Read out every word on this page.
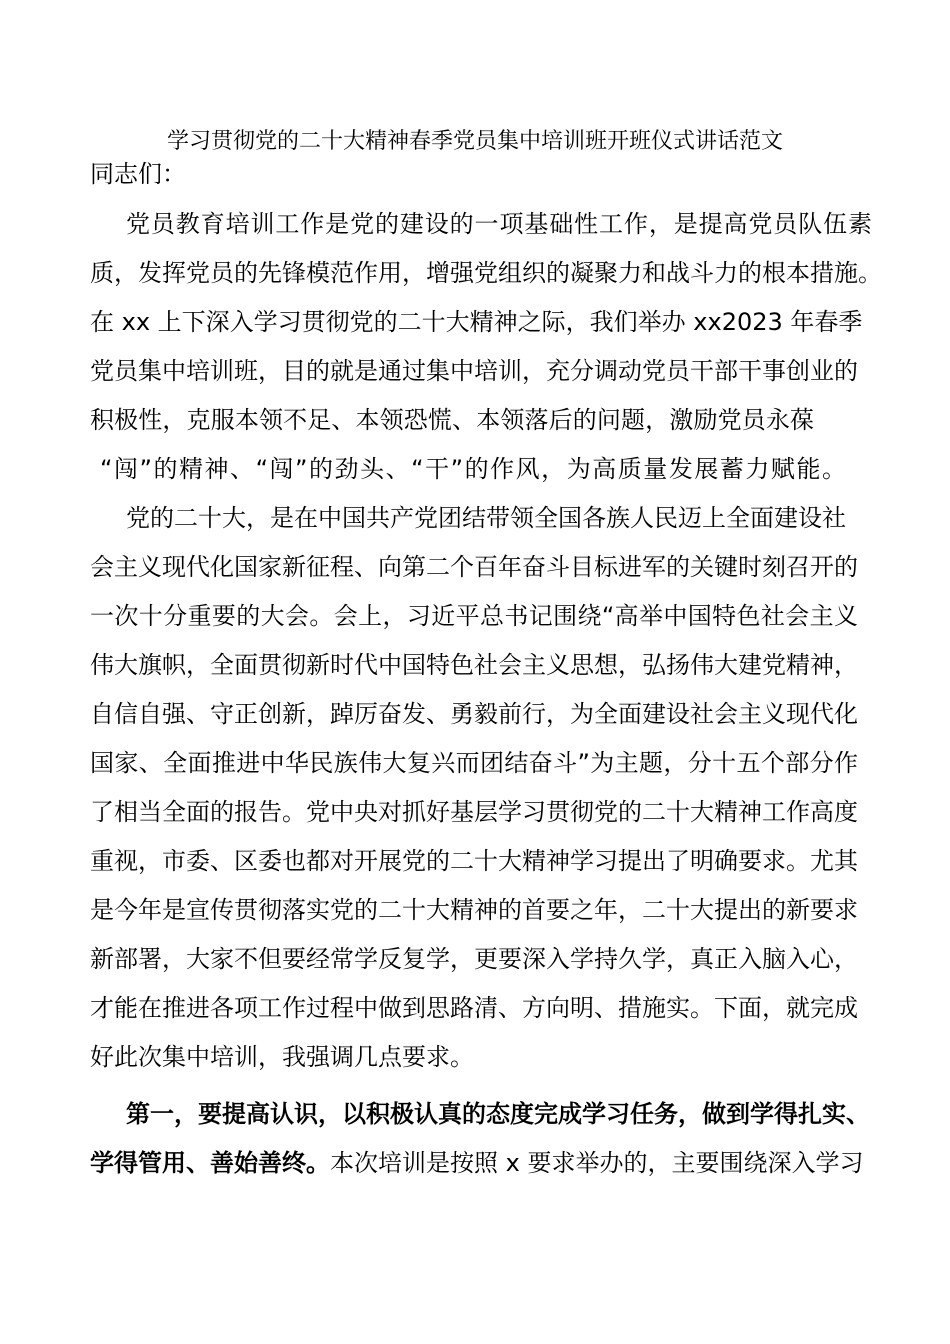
学习贯彻党的二十大精神春季党员集中培训班开班仪式讲话范文
同志们：
党员教育培训工作是党的建设的一项基础性工作，是提高党员队伍素
质，发挥党员的先锋模范作用，增强党组织的凝聚力和战斗力的根本措施。
在 xx 上下深入学习贯彻党的二十大精神之际，我们举办 xx2023 年春季
党员集中培训班，目的就是通过集中培训，充分调动党员干部干事创业的
积极性，克服本领不足、本领恐慌、本领落后的问题，激励党员永葆
“闯”的精神、“闯”的劲头、“干”的作风，为高质量发展蓄力赋能。
党的二十大，是在中国共产党团结带领全国各族人民迈上全面建设社
会主义现代化国家新征程、向第二个百年奋斗目标进军的关键时刻召开的
一次十分重要的大会。会上，习近平总书记围绕“高举中国特色社会主义
伟大旗帜，全面贯彻新时代中国特色社会主义思想，弘扬伟大建党精神，
自信自强、守正创新，踔厉奋发、勇毅前行，为全面建设社会主义现代化
国家、全面推进中华民族伟大复兴而团结奋斗”为主题，分十五个部分作
了相当全面的报告。党中央对抓好基层学习贯彻党的二十大精神工作高度
重视，市委、区委也都对开展党的二十大精神学习提出了明确要求。尤其
是今年是宣传贯彻落实党的二十大精神的首要之年，二十大提出的新要求
新部署，大家不但要经常学反复学，更要深入学持久学，真正入脑入心，
才能在推进各项工作过程中做到思路清、方向明、措施实。下面，就完成
好此次集中培训，我强调几点要求。
第一，要提高认识，以积极认真的态度完成学习任务，做到学得扎实、
学得管用、善始善终。本次培训是按照 x 要求举办的，主要围绕深入学习
